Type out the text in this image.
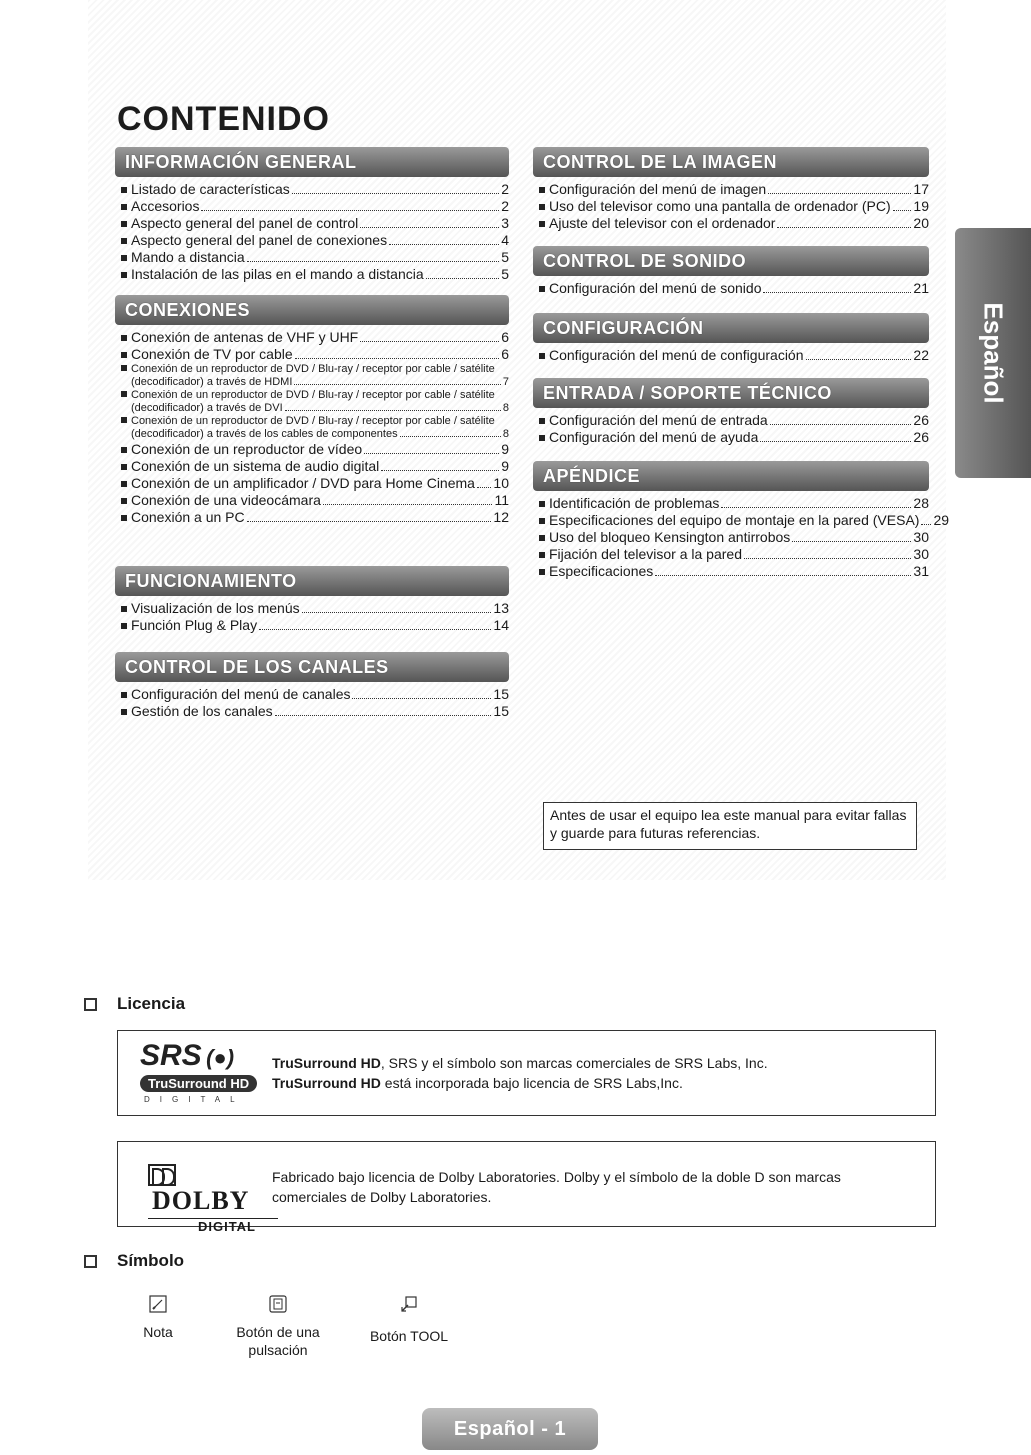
CONTENIDO
INFORMACIÓN GENERAL
Listado de características	2
Accesorios	2
Aspecto general del panel de control	3
Aspecto general del panel de conexiones	4
Mando a distancia	5
Instalación de las pilas en el mando a distancia	5
CONEXIONES
Conexión de antenas de VHF y UHF	6
Conexión de TV por cable	6
Conexión de un reproductor de DVD / Blu-ray / receptor por cable / satélite
(decodificador) a través de HDMI	7
Conexión de un reproductor de DVD / Blu-ray / receptor por cable / satélite
(decodificador) a través de DVI	8
Conexión de un reproductor de DVD / Blu-ray / receptor por cable / satélite
(decodificador) a través de los cables de componentes	8
Conexión de un reproductor de vídeo	9
Conexión de un sistema de audio digital	9
Conexión de un amplificador / DVD para Home Cinema 10
Conexión de una videocámara	11
Conexión a un PC	12
FUNCIONAMIENTO
Visualización de los menús	13
Función Plug & Play	14
CONTROL DE LOS CANALES
Configuración del menú de canales	15
Gestión de los canales	15
CONTROL DE LA IMAGEN
Configuración del menú de imagen	17
Uso del televisor como una pantalla de ordenador (PC) 19
Ajuste del televisor con el ordenador	20
CONTROL DE SONIDO
Configuración del menú de sonido	21
CONFIGURACIÓN
Configuración del menú de configuración	22
ENTRADA / SOPORTE TÉCNICO
Configuración del menú de entrada	26
Configuración del menú de ayuda	26
APÉNDICE
Identificación de problemas	28
Especificaciones del equipo de montaje en la pared (VESA) 29
Uso del bloqueo Kensington antirrobos	30
Fijación del televisor a la pared	30
Especificaciones	31
Español
Antes de usar el equipo lea este manual para evitar fallas y guarde para futuras referencias.
Licencia
SRS (●)
TruSurround HD
DIGITAL
TruSurround HD, SRS y el símbolo son marcas comerciales de SRS Labs, Inc.
TruSurround HD está incorporada bajo licencia de SRS Labs,Inc.
DOLBY
DIGITAL
Fabricado bajo licencia de Dolby Laboratories. Dolby y el símbolo de la doble D son marcas comerciales de Dolby Laboratories.
Símbolo
Nota	Botón de una pulsación
Botón TOOL
Español - 1
